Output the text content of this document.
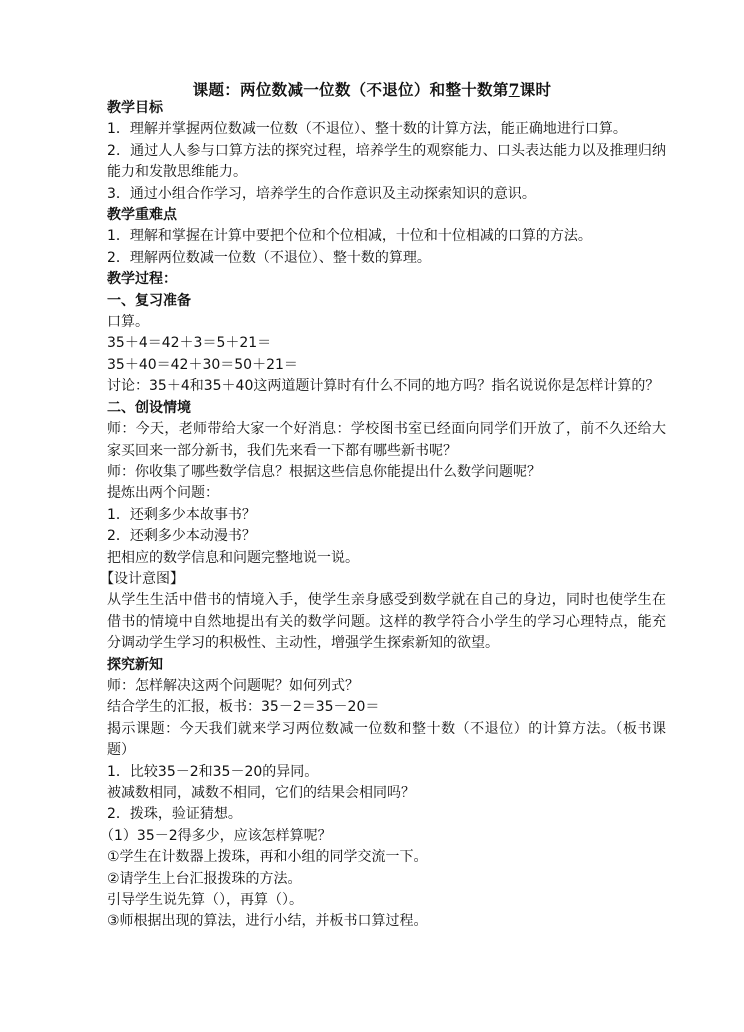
课题：两位数减一位数（不退位）和整十数第7课时

教学目标

1．理解并掌握两位数减一位数（不退位）、整十数的计算方法，能正确地进行口算。

2．通过人人参与口算方法的探究过程，培养学生的观察能力、口头表达能力以及推理归纳能力和发散思维能力。

3．通过小组合作学习，培养学生的合作意识及主动探索知识的意识。

教学重难点

1．理解和掌握在计算中要把个位和个位相减，十位和十位相减的口算的方法。

2．理解两位数减一位数（不退位）、整十数的算理。

教学过程：

一、复习准备

口算。

35＋4＝42＋3＝5＋21＝

35＋40＝42＋30＝50＋21＝

讨论：35＋4和35＋40这两道题计算时有什么不同的地方吗？指名说说你是怎样计算的？

二、创设情境

师：今天，老师带给大家一个好消息：学校图书室已经面向同学们开放了，前不久还给大家买回来一部分新书，我们先来看一下都有哪些新书呢？

师：你收集了哪些数学信息？根据这些信息你能提出什么数学问题呢？

提炼出两个问题：

1．还剩多少本故事书？

2．还剩多少本动漫书？

把相应的数学信息和问题完整地说一说。

【设计意图】

从学生生活中借书的情境入手，使学生亲身感受到数学就在自己的身边，同时也使学生在借书的情境中自然地提出有关的数学问题。这样的教学符合小学生的学习心理特点，能充分调动学生学习的积极性、主动性，增强学生探索新知的欲望。

探究新知

师：怎样解决这两个问题呢？如何列式？

结合学生的汇报，板书：35－2＝35－20＝

揭示课题：今天我们就来学习两位数减一位数和整十数（不退位）的计算方法。（板书课题）

1．比较35－2和35－20的异同。

被减数相同，减数不相同，它们的结果会相同吗？

2．拨珠，验证猜想。

（1）35－2得多少，应该怎样算呢？

①学生在计数器上拨珠，再和小组的同学交流一下。

②请学生上台汇报拨珠的方法。

引导学生说先算（），再算（）。

③师根据出现的算法，进行小结，并板书口算过程。
